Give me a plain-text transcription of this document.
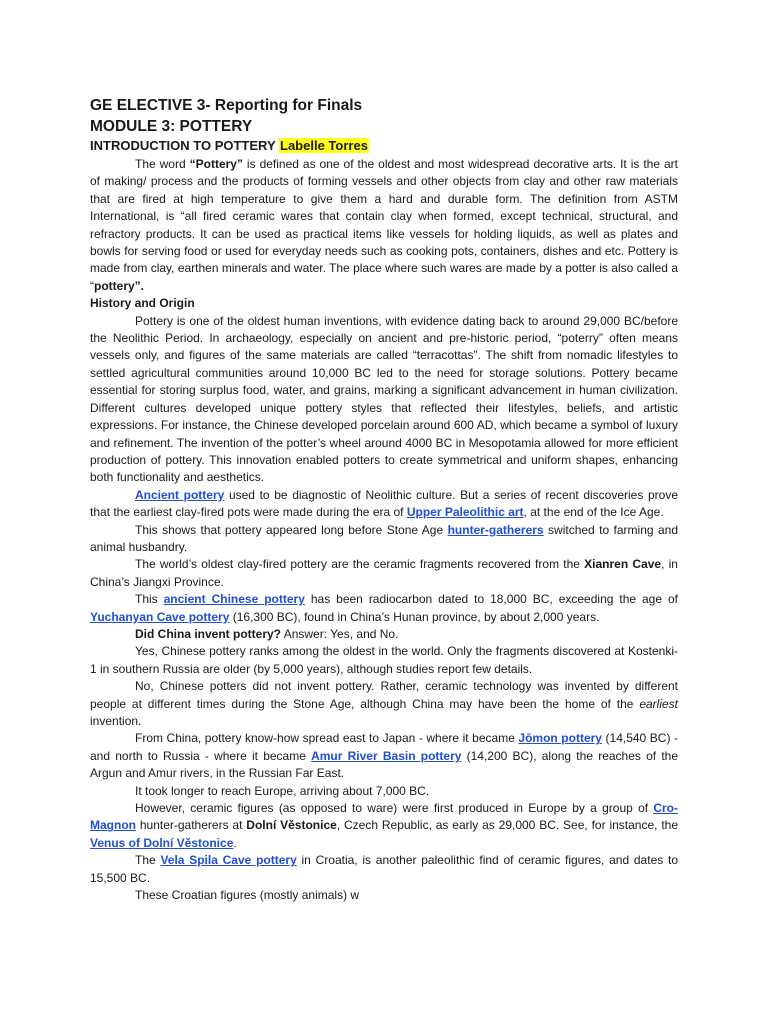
GE ELECTIVE 3- Reporting for Finals

MODULE 3: POTTERY

INTRODUCTION TO POTTERY Labelle Torres

The word “Pottery” is defined as one of the oldest and most widespread decorative arts. It is the art of making/ process and the products of forming vessels and other objects from clay and other raw materials that are fired at high temperature to give them a hard and durable form. The definition from ASTM International, is “all fired ceramic wares that contain clay when formed, except technical, structural, and refractory products. It can be used as practical items like vessels for holding liquids, as well as plates and bowls for serving food or used for everyday needs such as cooking pots, containers, dishes and etc. Pottery is made from clay, earthen minerals and water. The place where such wares are made by a potter is also called a “pottery”.

History and Origin

Pottery is one of the oldest human inventions, with evidence dating back to around 29,000 BC/before the Neolithic Period. In archaeology, especially on ancient and pre-historic period, “poterry” often means vessels only, and figures of the same materials are called “terracottas”. The shift from nomadic lifestyles to settled agricultural communities around 10,000 BC led to the need for storage solutions. Pottery became essential for storing surplus food, water, and grains, marking a significant advancement in human civilization. Different cultures developed unique pottery styles that reflected their lifestyles, beliefs, and artistic expressions. For instance, the Chinese developed porcelain around 600 AD, which became a symbol of luxury and refinement. The invention of the potter’s wheel around 4000 BC in Mesopotamia allowed for more efficient production of pottery. This innovation enabled potters to create symmetrical and uniform shapes, enhancing both functionality and aesthetics.

Ancient pottery used to be diagnostic of Neolithic culture. But a series of recent discoveries prove that the earliest clay-fired pots were made during the era of Upper Paleolithic art, at the end of the Ice Age.

This shows that pottery appeared long before Stone Age hunter-gatherers switched to farming and animal husbandry.

The world’s oldest clay-fired pottery are the ceramic fragments recovered from the Xianren Cave, in China’s Jiangxi Province.

This ancient Chinese pottery has been radiocarbon dated to 18,000 BC, exceeding the age of Yuchanyan Cave pottery (16,300 BC), found in China’s Hunan province, by about 2,000 years.

Did China invent pottery? Answer: Yes, and No.

Yes, Chinese pottery ranks among the oldest in the world. Only the fragments discovered at Kostenki-1 in southern Russia are older (by 5,000 years), although studies report few details.

No, Chinese potters did not invent pottery. Rather, ceramic technology was invented by different people at different times during the Stone Age, although China may have been the home of the earliest invention.

From China, pottery know-how spread east to Japan - where it became Jōmon pottery (14,540 BC) - and north to Russia - where it became Amur River Basin pottery (14,200 BC), along the reaches of the Argun and Amur rivers, in the Russian Far East.

It took longer to reach Europe, arriving about 7,000 BC.

However, ceramic figures (as opposed to ware) were first produced in Europe by a group of Cro-Magnon hunter-gatherers at Dolní Věstonice, Czech Republic, as early as 29,000 BC. See, for instance, the Venus of Dolní Věstonice.

The Vela Spila Cave pottery in Croatia, is another paleolithic find of ceramic figures, and dates to 15,500 BC.

These Croatian figures (mostly animals) w
